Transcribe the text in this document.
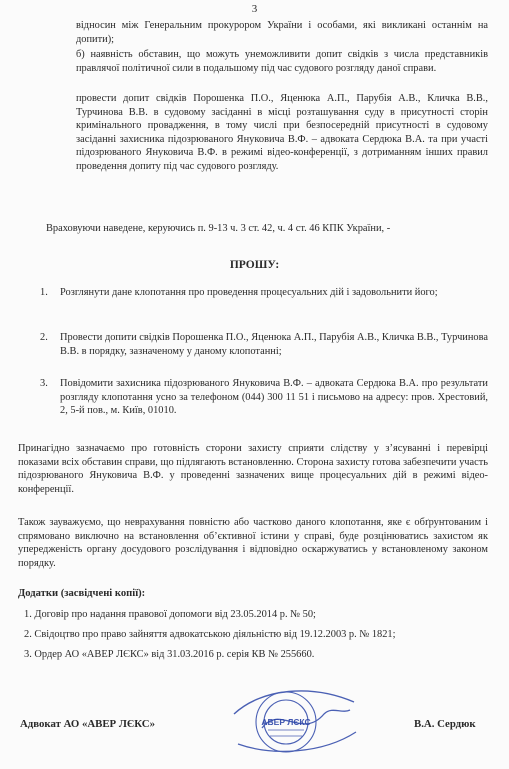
3

відносин між Генеральним прокурором України і особами, які викликані останнім на допити);

б) наявність обставин, що можуть унеможливити допит свідків з числа представників правлячої політичної сили в подальшому під час судового розгляду даної справи.

провести допит свідків Порошенка П.О., Яценюка А.П., Парубія А.В., Кличка В.В., Турчинова В.В. в судовому засіданні в місці розташування суду в присутності сторін кримінального провадження, в тому числі при безпосередній присутності в судовому засіданні захисника підозрюваного Януковича В.Ф. – адвоката Сердюка В.А. та при участі підозрюваного Януковича В.Ф. в режимі відео-конференції, з дотриманням інших правил проведення допиту під час судового розгляду.

Враховуючи наведене, керуючись п. 9-13 ч. 3 ст. 42, ч. 4 ст. 46 КПК України, -

ПРОШУ:
1. Розглянути дане клопотання про проведення процесуальних дій і задовольнити його;
2. Провести допити свідків Порошенка П.О., Яценюка А.П., Парубія А.В., Кличка В.В., Турчинова В.В. в порядку, зазначеному у даному клопотанні;
3. Повідомити захисника підозрюваного Януковича В.Ф. – адвоката Сердюка В.А. про результати розгляду клопотання усно за телефоном (044) 300 11 51 і письмово на адресу: пров. Хрестовий, 2, 5-й пов., м. Київ, 01010.

Принагідно зазначаємо про готовність сторони захисту сприяти слідству у з’ясуванні і перевірці показами всіх обставин справи, що підлягають встановленню. Сторона захисту готова забезпечити участь підозрюваного Януковича В.Ф. у проведенні зазначених вище процесуальних дій в режимі відео-конференції.

Також зауважуємо, що неврахування повністю або частково даного клопотання, яке є обґрунтованим і спрямовано виключно на встановлення об’єктивної істини у справі, буде розцінюватись захистом як упередженість органу досудового розслідування і відповідно оскаржуватись у встановленому законом порядку.

Додатки (засвідчені копії):
1. Договір про надання правової допомоги від 23.05.2014 р. № 50;
2. Свідоцтво про право зайняття адвокатською діяльністю від 19.12.2003 р. № 1821;
3. Ордер АО «АВЕР ЛЄКС» від 31.03.2016 р. серія КВ № 255660.
АВЕР ЛЄКС
Адвокат АО «АВЕР ЛЄКС»	В.А. Сердюк
